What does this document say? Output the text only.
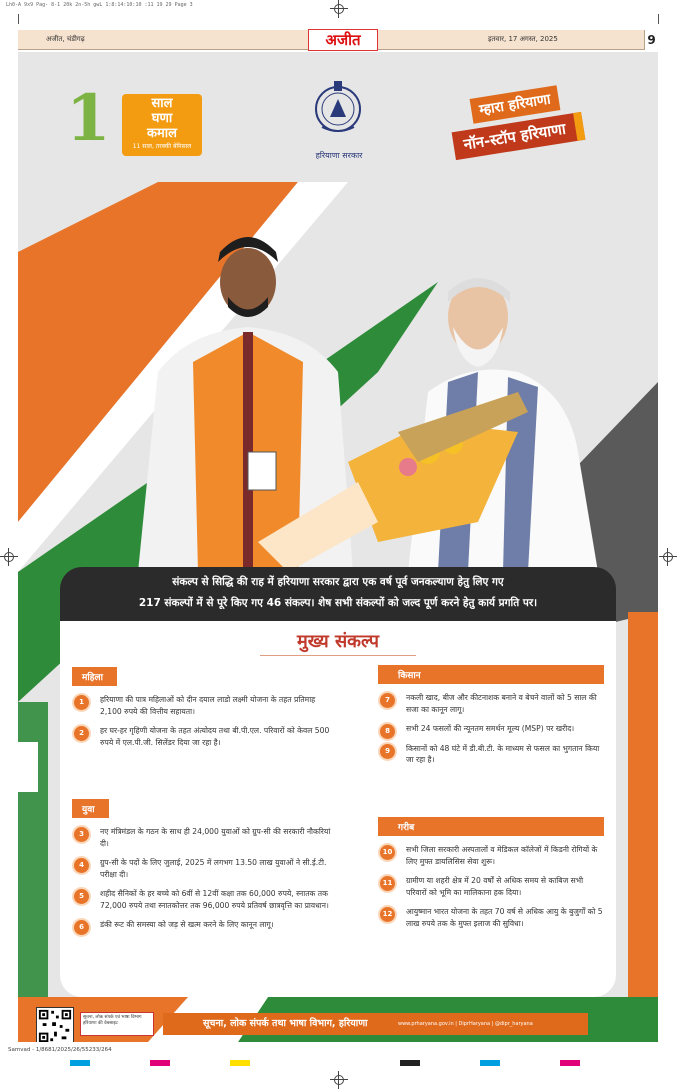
Lh0-A 9x9 Pag- 8-1 20k 2n-5h gwL 1:8:14:10:10 :11 19 29 Page 3
अजीत, चंडीगढ़	अजीत	इतवार, 17 अगस्त, 2025	9
1	साल
घणा
कमाल
11 साल, तरक्की बेमिसाल
हरियाणा सरकार
म्हारा हरियाणा
नॉन-स्टॉप हरियाणा
संकल्प से सिद्धि की राह में हरियाणा सरकार द्वारा एक वर्ष पूर्व जनकल्याण हेतु लिए गए
217 संकल्पों में से पूरे किए गए 46 संकल्प। शेष सभी संकल्पों को जल्द पूर्ण करने हेतु कार्य प्रगति पर।
मुख्य संकल्प
महिला
1	हरियाणा की पात्र महिलाओं को दीन दयाल लाडो लक्ष्मी योजना के तहत प्रतिमाह 2,100 रुपये की वित्तीय सहायता।
2	हर घर-हर गृहिणी योजना के तहत अंत्योदय तथा बी.पी.एल. परिवारों को केवल 500 रुपये में एल.पी.जी. सिलेंडर दिया जा रहा है।
युवा
3	नए मंत्रिमंडल के गठन के साथ ही 24,000 युवाओं को ग्रुप-सी की सरकारी नौकरियां दी।
4	ग्रुप-सी के पदों के लिए जुलाई, 2025 में लगभग 13.50 लाख युवाओं ने सी.ई.टी. परीक्षा दी।
5	शहीद सैनिकों के हर बच्चे को 6वीं से 12वीं कक्षा तक 60,000 रुपये, स्नातक तक 72,000 रुपये तथा स्नातकोत्तर तक 96,000 रुपये प्रतिवर्ष छात्रवृत्ति का प्रावधान।
6	डंकी रूट की समस्या को जड़ से खत्म करने के लिए कानून लागू।
किसान
7	नकली खाद, बीज और कीटनाशक बनाने व बेचने वालों को 5 साल की सजा का कानून लागू।
8	सभी 24 फसलों की न्यूनतम समर्थन मूल्य (MSP) पर खरीद।
9	किसानों को 48 घंटे में डी.बी.टी. के माध्यम से फसल का भुगतान किया जा रहा है।
गरीब
10	सभी जिला सरकारी अस्पतालों व मेडिकल कॉलेजों में किडनी रोगियों के लिए मुफ्त डायलिसिस सेवा शुरू।
11	ग्रामीण या शहरी क्षेत्र में 20 वर्षों से अधिक समय से काबिज सभी परिवारों को भूमि का मालिकाना हक दिया।
12	आयुष्मान भारत योजना के तहत 70 वर्ष से अधिक आयु के बुजुर्गों को 5 लाख रुपये तक के मुफ्त इलाज की सुविधा।
सूचना, लोक संपर्क एवं भाषा विभाग हरियाणा की वेबसाइट	सूचना, लोक संपर्क तथा भाषा विभाग, हरियाणा	www.prharyana.gov.in | DiprHaryana | @dipr_haryana
Samvad - 1/8681/2025/26/55233/264
